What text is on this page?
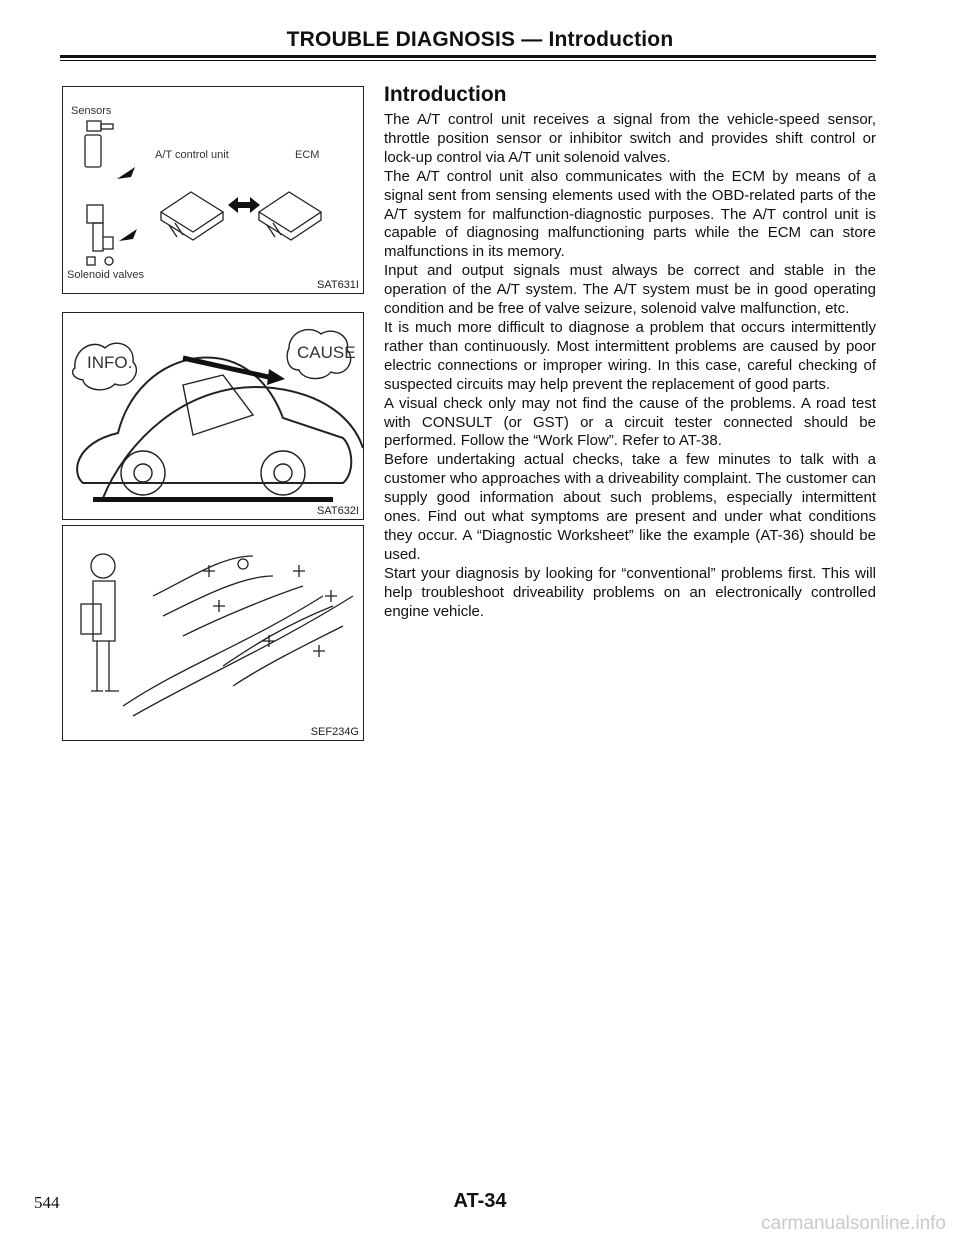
TROUBLE DIAGNOSIS — Introduction
Sensors
A/T control unit	ECM
Solenoid valves
SAT631I
INFO.
CAUSE
SAT632I
SEF234G
Introduction

The A/T control unit receives a signal from the vehicle-speed sensor, throttle position sensor or inhibitor switch and provides shift control or lock-up control via A/T unit solenoid valves.

The A/T control unit also communicates with the ECM by means of a signal sent from sensing elements used with the OBD-related parts of the A/T system for malfunction-diagnostic purposes. The A/T control unit is capable of diagnosing malfunctioning parts while the ECM can store malfunctions in its memory.

Input and output signals must always be correct and stable in the operation of the A/T system. The A/T system must be in good operating condition and be free of valve seizure, solenoid valve malfunction, etc.

It is much more difficult to diagnose a problem that occurs intermittently rather than continuously. Most intermittent problems are caused by poor electric connections or improper wiring. In this case, careful checking of suspected circuits may help prevent the replacement of good parts.

A visual check only may not find the cause of the problems. A road test with CONSULT (or GST) or a circuit tester connected should be performed. Follow the “Work Flow”. Refer to AT-38.

Before undertaking actual checks, take a few minutes to talk with a customer who approaches with a driveability complaint. The customer can supply good information about such problems, especially intermittent ones. Find out what symptoms are present and under what conditions they occur. A “Diagnostic Worksheet” like the example (AT-36) should be used.

Start your diagnosis by looking for “conventional” problems first. This will help troubleshoot driveability problems on an electronically controlled engine vehicle.

544	AT-34
carmanualsonline.info
